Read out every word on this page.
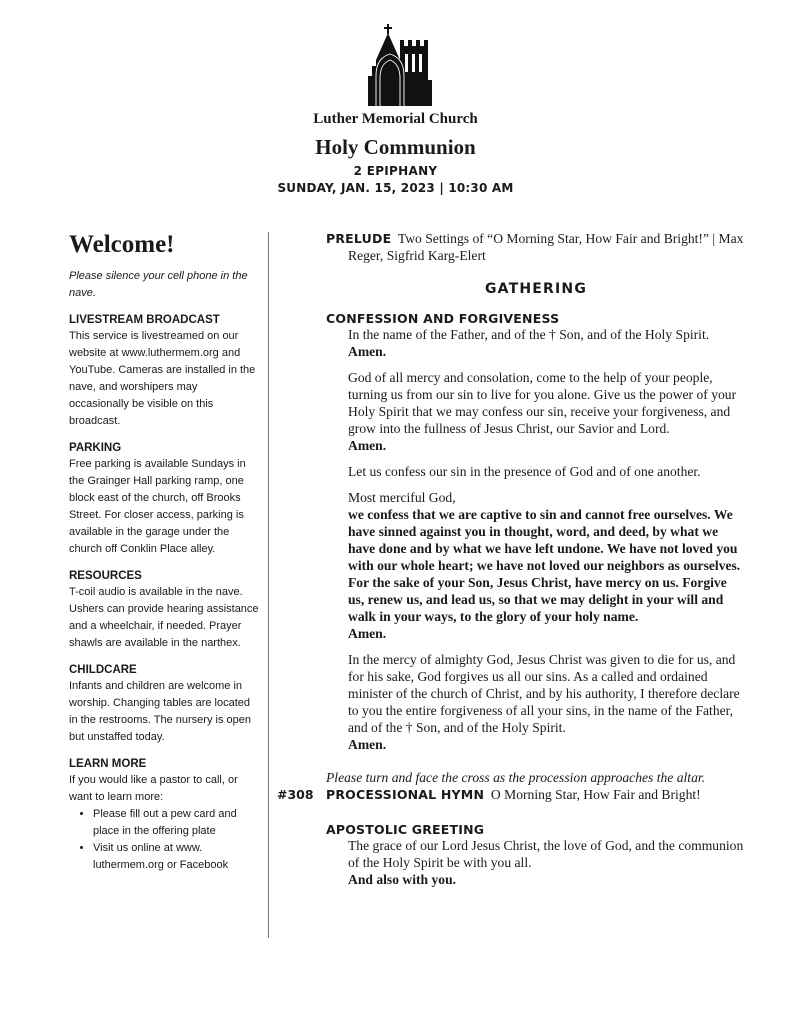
Luther Memorial Church
Holy Communion
2 EPIPHANY
SUNDAY, JAN. 15, 2023 | 10:30 AM
Welcome!
Please silence your cell phone in the nave.
LIVESTREAM BROADCAST
This service is livestreamed on our website at www.luthermem.org and YouTube. Cameras are installed in the nave, and worshipers may occasionally be visible on this broadcast.
PARKING
Free parking is available Sundays in the Grainger Hall parking ramp, one block east of the church, off Brooks Street. For closer access, parking is available in the garage under the church off Conklin Place alley.
RESOURCES
T-coil audio is available in the nave. Ushers can provide hearing assistance and a wheelchair, if needed. Prayer shawls are available in the narthex.
CHILDCARE
Infants and children are welcome in worship. Changing tables are located in the restrooms. The nursery is open but unstaffed today.
LEARN MORE
If you would like a pastor to call, or want to learn more:
• Please fill out a pew card and place in the offering plate
• Visit us online at www. luthermem.org or Facebook
PRELUDE Two Settings of “O Morning Star, How Fair and Bright!” | Max Reger, Sigfrid Karg-Elert
GATHERING
CONFESSION AND FORGIVENESS
In the name of the Father, and of the † Son, and of the Holy Spirit.
Amen.
God of all mercy and consolation, come to the help of your people, turning us from our sin to live for you alone. Give us the power of your Holy Spirit that we may confess our sin, receive your forgiveness, and grow into the fullness of Jesus Christ, our Savior and Lord.
Amen.
Let us confess our sin in the presence of God and of one another.
Most merciful God,
we confess that we are captive to sin and cannot free ourselves. We have sinned against you in thought, word, and deed, by what we have done and by what we have left undone. We have not loved you with our whole heart; we have not loved our neighbors as ourselves. For the sake of your Son, Jesus Christ, have mercy on us. Forgive us, renew us, and lead us, so that we may delight in your will and walk in your ways, to the glory of your holy name.
Amen.
In the mercy of almighty God, Jesus Christ was given to die for us, and for his sake, God forgives us all our sins. As a called and ordained minister of the church of Christ, and by his authority, I therefore declare to you the entire forgiveness of all your sins, in the name of the Father, and of the † Son, and of the Holy Spirit.
Amen.
Please turn and face the cross as the procession approaches the altar.
#308 PROCESSIONAL HYMN O Morning Star, How Fair and Bright!
APOSTOLIC GREETING
The grace of our Lord Jesus Christ, the love of God, and the communion of the Holy Spirit be with you all.
And also with you.
